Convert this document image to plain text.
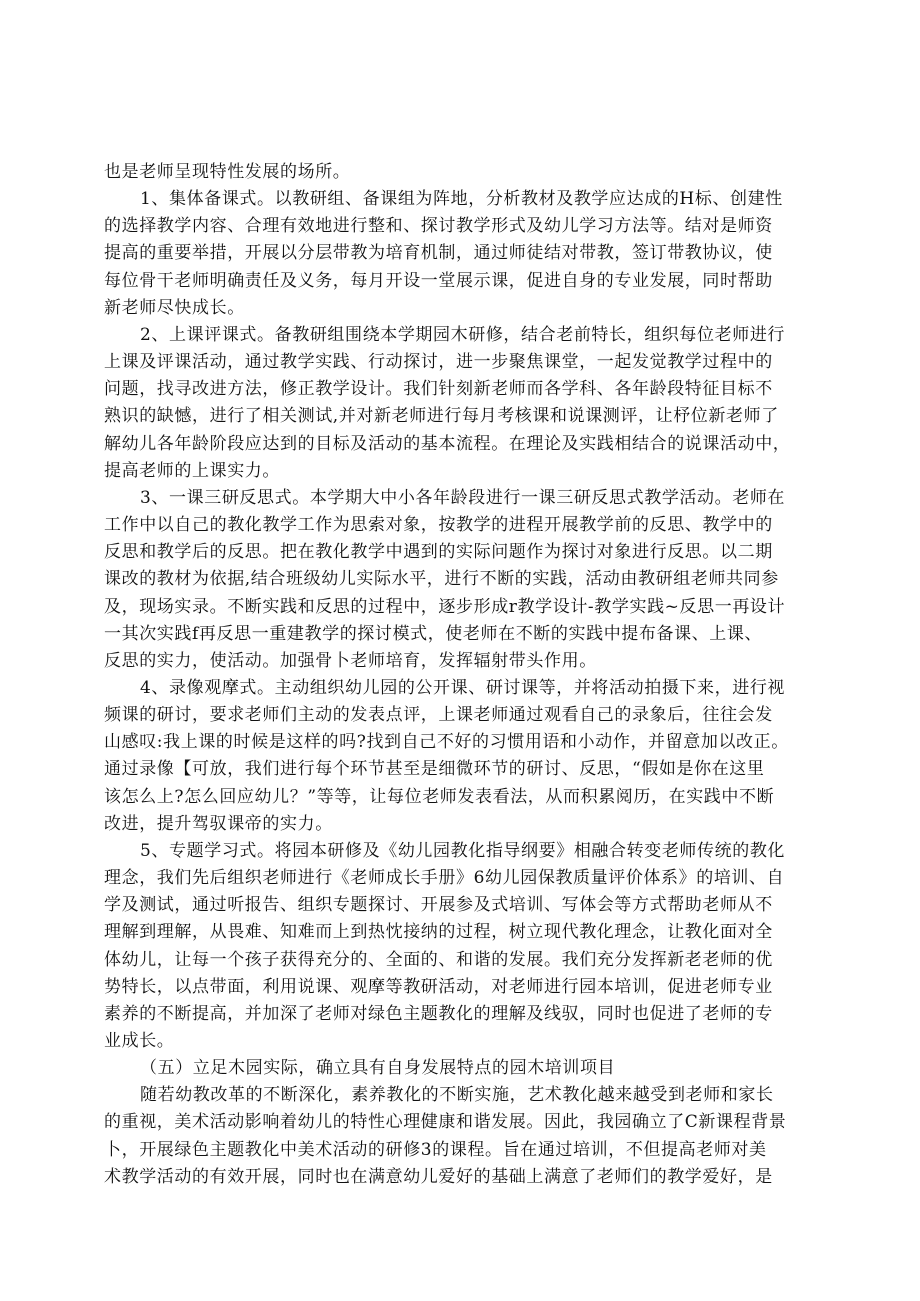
也是老师呈现特性发展的场所。
1、集体备课式。以教研组、备课组为阵地，分析教材及教学应达成的H标、创建性
的选择教学内容、合理有效地进行整和、探讨教学形式及幼儿学习方法等。结对是师资
提高的重要举措，开展以分层带教为培育机制，通过师徒结对带教，签订带教协议，使
每位骨干老师明确责任及义务，每月开设一堂展示课，促进自身的专业发展，同时帮助
新老师尽快成长。
2、上课评课式。备教研组围绕本学期园木研修，结合老前特长，组织每位老师进行
上课及评课活动，通过教学实践、行动探讨，进一步聚焦课堂，一起发觉教学过程中的
问题，找寻改进方法，修正教学设计。我们针刻新老师而各学科、各年龄段特征目标不
熟识的缺憾，进行了相关测试,并对新老师进行每月考核课和说课测评，让杼位新老师了
解幼儿各年龄阶段应达到的目标及活动的基本流程。在理论及实践相结合的说课活动中，
提高老师的上课实力。
3、一课三研反思式。本学期大中小各年龄段进行一课三研反思式教学活动。老师在
工作中以自己的教化教学工作为思索对象，按教学的进程开展教学前的反思、教学中的
反思和教学后的反思。把在教化教学中遇到的实际问题作为探讨对象进行反思。以二期
课改的教材为依据,结合班级幼儿实际水平，进行不断的实践，活动由教研组老师共同参
及，现场实录。不断实践和反思的过程中，逐步形成r教学设计-教学实践~反思一再设计
一其次实践f再反思一重建教学的探讨模式，使老师在不断的实践中提布备课、上课、
反思的实力，使活动。加强骨卜老师培育，发挥辐射带头作用。
4、录像观摩式。主动组织幼儿园的公开课、研讨课等，并将活动拍摄下来，进行视
频课的研讨，要求老师们主动的发表点评，上课老师通过观看自己的录象后，往往会发
山感叹:我上课的时候是这样的吗?找到自己不好的习惯用语和小动作，并留意加以改正。
通过录像【可放，我们进行每个环节甚至是细微环节的研讨、反思，“假如是你在这里
该怎么上?怎么回应幼儿？”等等，让每位老师发表看法，从而积累阅历，在实践中不断
改进，提升驾驭课帝的实力。
5、专题学习式。将园本研修及《幼儿园教化指导纲要》相融合转变老师传统的教化
理念，我们先后组织老师进行《老师成长手册》6幼儿园保教质量评价体系》的培训、自
学及测试，通过听报告、组织专题探讨、开展参及式培训、写体会等方式帮助老师从不
理解到理解，从畏难、知难而上到热忱接纳的过程，树立现代教化理念，让教化面对全
体幼儿，让每一个孩子获得充分的、全面的、和谐的发展。我们充分发挥新老老师的优
势特长，以点带面，利用说课、观摩等教研活动，对老师进行园本培训，促进老师专业
素养的不断提高，并加深了老师对绿色主题教化的理解及线驭，同时也促进了老师的专
业成长。
（五）立足木园实际，确立具有自身发展特点的园木培训项目
随若幼教改革的不断深化，素养教化的不断实施，艺术教化越来越受到老师和家长
的重视，美术活动影响着幼儿的特性心理健康和谐发展。因此，我园确立了C新课程背景
卜，开展绿色主题教化中美术活动的研修3的课程。旨在通过培训，不但提高老师对美
术教学活动的有效开展，同时也在满意幼儿爱好的基础上满意了老师们的教学爱好，是
